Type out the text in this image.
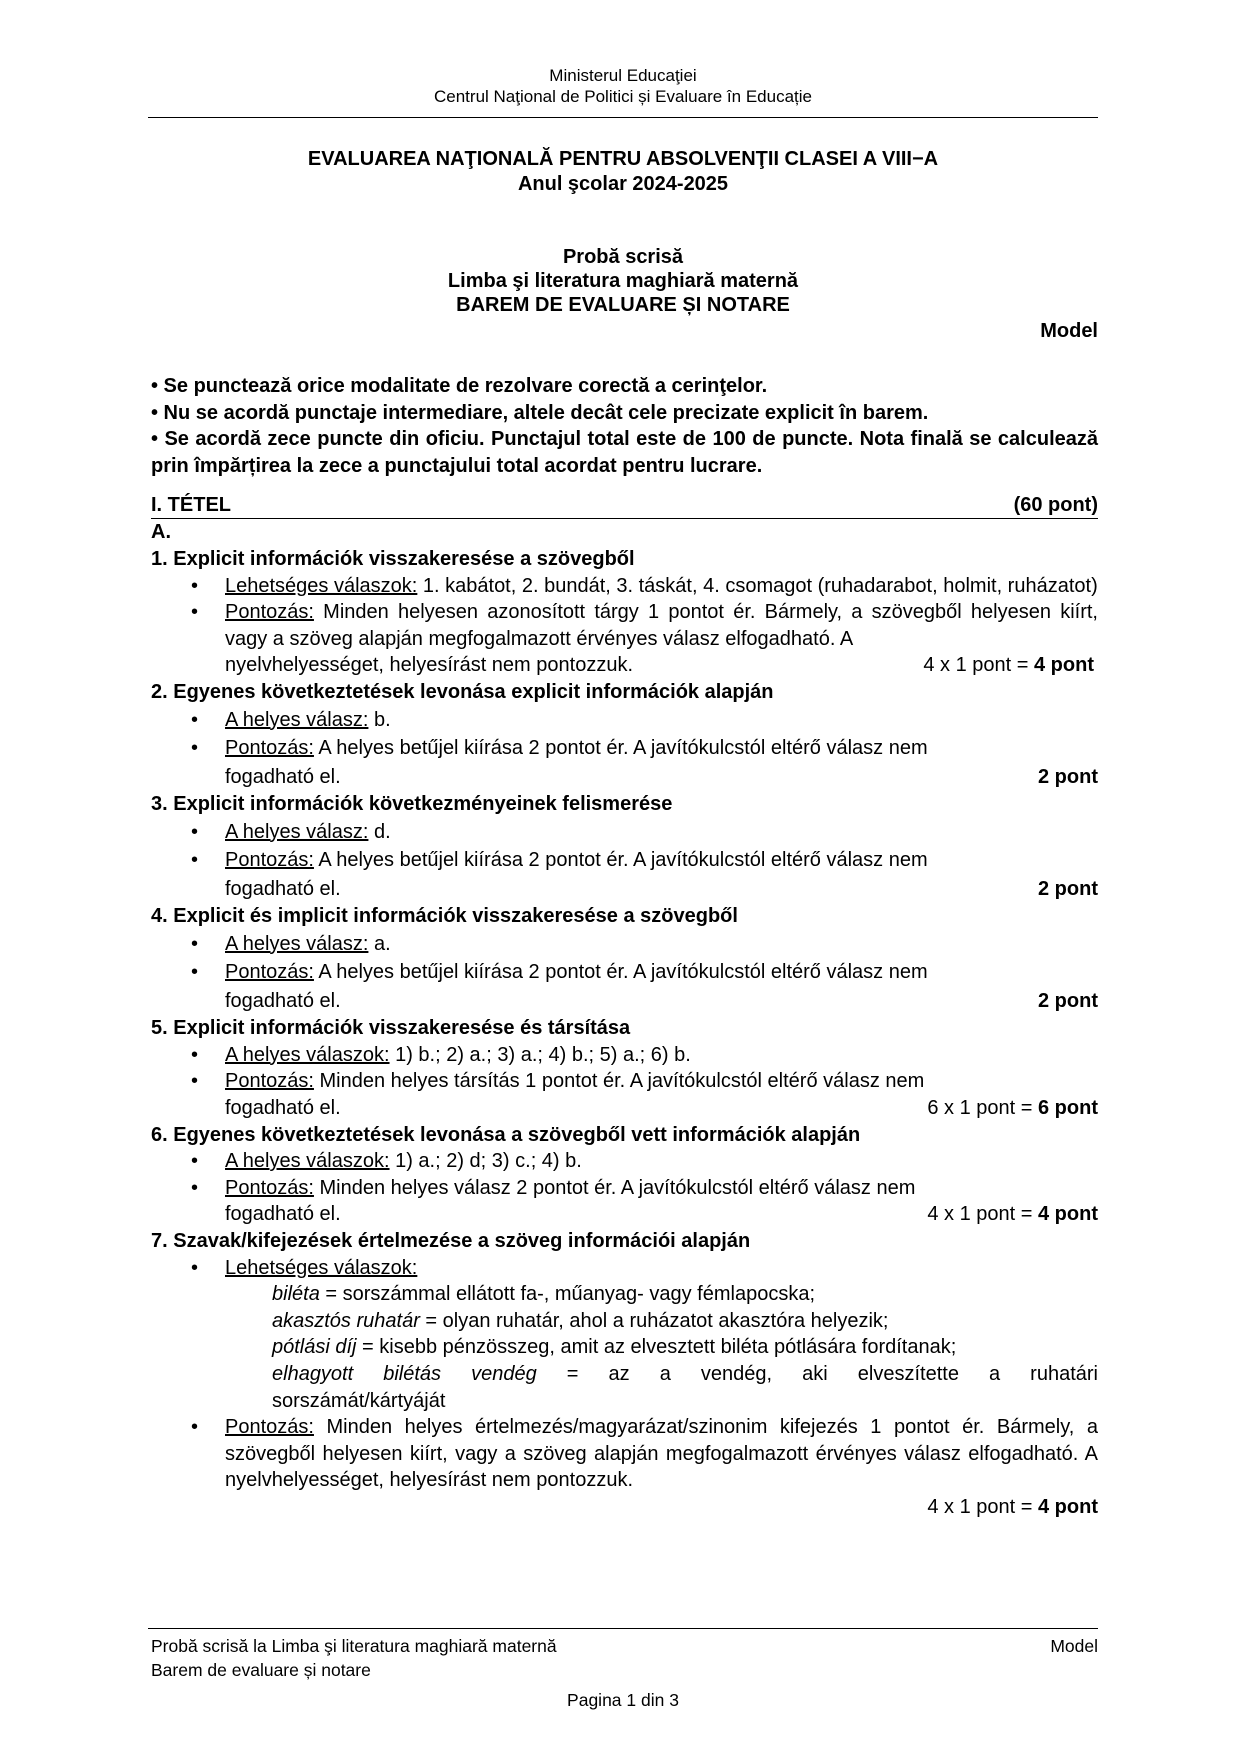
Ministerul Educaţiei
Centrul Naţional de Politici și Evaluare în Educație
EVALUAREA NAŢIONALĂ PENTRU ABSOLVENŢII CLASEI A VIII−A
Anul şcolar 2024-2025
Probă scrisă
Limba şi literatura maghiară maternă
BAREM DE EVALUARE ȘI NOTARE
Model

• Se punctează orice modalitate de rezolvare corectă a cerinţelor.

• Nu se acordă punctaje intermediare, altele decât cele precizate explicit în barem.

• Se acordă zece puncte din oficiu. Punctajul total este de 100 de puncte. Nota finală se calculează prin împărțirea la zece a punctajului total acordat pentru lucrare.

I. TÉTEL	(60 pont)
A.
1. Explicit információk visszakeresése a szövegből
• Lehetséges válaszok: 1. kabátot, 2. bundát, 3. táskát, 4. csomagot (ruhadarabot, holmit, ruházatot)
• Pontozás: Minden helyesen azonosított tárgy 1 pontot ér. Bármely, a szövegből helyesen kiírt, vagy a szöveg alapján megfogalmazott érvényes válasz elfogadható. A
nyelvhelyességet, helyesírást nem pontozzuk.	4 x 1 pont = 4 pont
2. Egyenes következtetések levonása explicit információk alapján
• A helyes válasz: b.
• Pontozás: A helyes betűjel kiírása 2 pontot ér. A javítókulcstól eltérő válasz nem
fogadható el.	2 pont
3. Explicit információk következményeinek felismerése
• A helyes válasz: d.
• Pontozás: A helyes betűjel kiírása 2 pontot ér. A javítókulcstól eltérő válasz nem
fogadható el.	2 pont
4. Explicit és implicit információk visszakeresése a szövegből
• A helyes válasz: a.
• Pontozás: A helyes betűjel kiírása 2 pontot ér. A javítókulcstól eltérő válasz nem
fogadható el.	2 pont
5. Explicit információk visszakeresése és társítása
• A helyes válaszok: 1) b.; 2) a.; 3) a.; 4) b.; 5) a.; 6) b.
• Pontozás: Minden helyes társítás 1 pontot ér. A javítókulcstól eltérő válasz nem
fogadható el.	6 x 1 pont = 6 pont
6. Egyenes következtetések levonása a szövegből vett információk alapján
• A helyes válaszok: 1) a.; 2) d; 3) c.; 4) b.
• Pontozás: Minden helyes válasz 2 pontot ér. A javítókulcstól eltérő válasz nem
fogadható el.	4 x 1 pont = 4 pont
7. Szavak/kifejezések értelmezése a szöveg információi alapján
• Lehetséges válaszok:
biléta = sorszámmal ellátott fa-, műanyag- vagy fémlapocska;
akasztós ruhatár = olyan ruhatár, ahol a ruházatot akasztóra helyezik;
pótlási díj = kisebb pénzösszeg, amit az elvesztett biléta pótlására fordítanak;
elhagyott bilétás vendég = az a vendég, aki elveszítette a ruhatári
sorszámát/kártyáját
• Pontozás: Minden helyes értelmezés/magyarázat/szinonim kifejezés 1 pontot ér. Bármely, a szövegből helyesen kiírt, vagy a szöveg alapján megfogalmazott érvényes válasz elfogadható. A nyelvhelyességet, helyesírást nem pontozzuk.
4 x 1 pont = 4 pont
Probă scrisă la Limba şi literatura maghiară maternă	Model
Barem de evaluare și notare
Pagina 1 din 3
